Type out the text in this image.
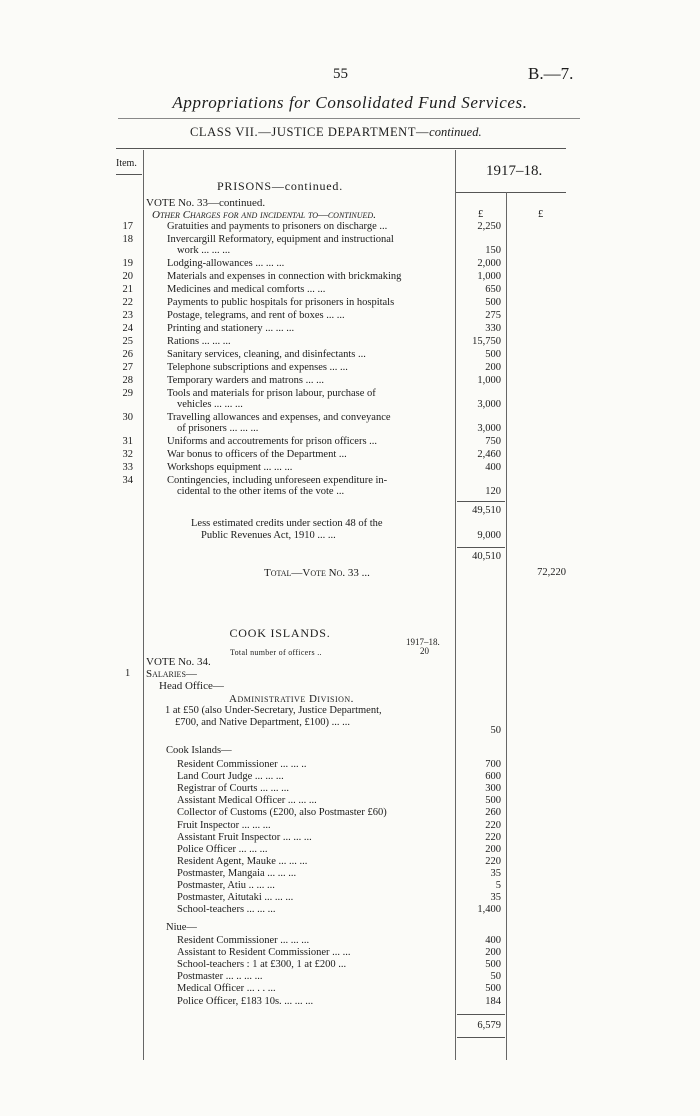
55	B.—7.
Appropriations for Consolidated Fund Services.
CLASS VII.—JUSTICE DEPARTMENT—continued.
Item.	1917–18.
PRISONS—continued.
VOTE No. 33—continued.
Other Charges for and incidental to—continued.	£	£
17	Gratuities and payments to prisoners on discharge ...	2,250
18	Invercargill Reformatory, equipment and instructional
work ... ... ...	150
19	Lodging-allowances ... ... ...	2,000
20	Materials and expenses in connection with brickmaking	1,000
21	Medicines and medical comforts ... ...	650
22	Payments to public hospitals for prisoners in hospitals	500
23	Postage, telegrams, and rent of boxes ... ...	275
24	Printing and stationery ... ... ...	330
25	Rations ... ... ...	15,750
26	Sanitary services, cleaning, and disinfectants ...	500
27	Telephone subscriptions and expenses ... ...	200
28	Temporary warders and matrons ... ...	1,000
29	Tools and materials for prison labour, purchase of
vehicles ... ... ...	3,000
30	Travelling allowances and expenses, and conveyance
of prisoners ... ... ...	3,000
31	Uniforms and accoutrements for prison officers ...	750
32	War bonus to officers of the Department ...	2,460
33	Workshops equipment ... ... ...	400
34	Contingencies, including unforeseen expenditure in-
cidental to the other items of the vote ...	120
49,510
Less estimated credits under section 48 of the
Public Revenues Act, 1910 ... ...	9,000
40,510
Total—Vote No. 33 ...	72,220
COOK ISLANDS.
1917–18.
Total number of officers ..	20
VOTE No. 34.
1 Salaries—
Head Office—
Administrative Division.
1 at £50 (also Under-Secretary, Justice Department,
£700, and Native Department, £100) ... ...
50
Cook Islands—
Resident Commissioner ... ... ..	700
Land Court Judge ... ... ...	600
Registrar of Courts ... ... ...	300
Assistant Medical Officer ... ... ...	500
Collector of Customs (£200, also Postmaster £60)	260
Fruit Inspector ... ... ...	220
Assistant Fruit Inspector ... ... ...	220
Police Officer ... ... ...	200
Resident Agent, Mauke ... ... ...	220
Postmaster, Mangaia ... ... ...	35
Postmaster, Atiu .. ... ...	5
Postmaster, Aitutaki ... ... ...	35
School-teachers ... ... ...	1,400
Niue—
Resident Commissioner ... ... ...	400
Assistant to Resident Commissioner ... ...	200
School-teachers : 1 at £300, 1 at £200 ...	500
Postmaster ... .. ... ...	50
Medical Officer ... . . ...	500
Police Officer, £183 10s. ... ... ...	184
6,579
